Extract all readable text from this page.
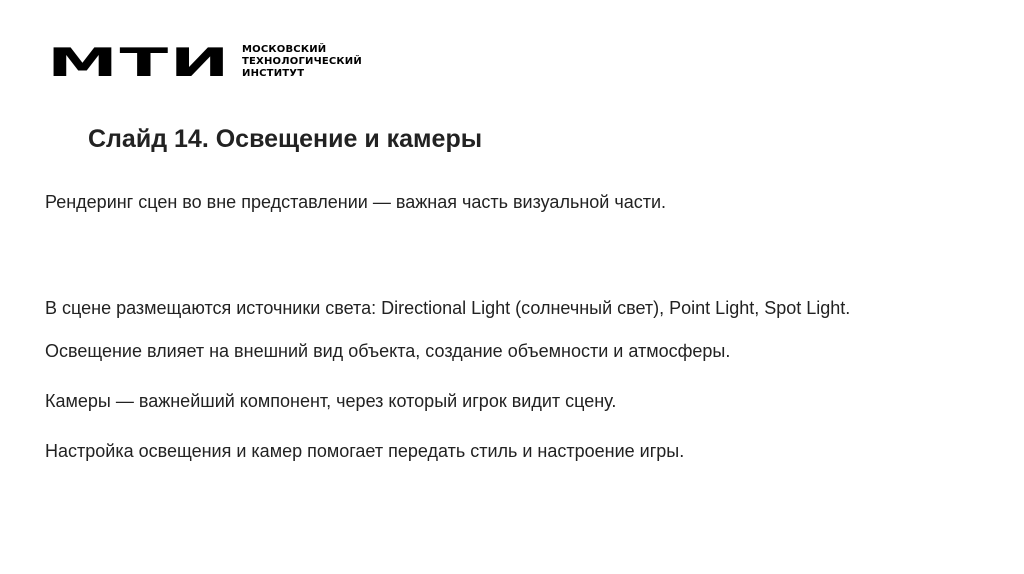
МТИ	МОСКОВСКИЙ
ТЕХНОЛОГИЧЕСКИЙ
ИНСТИТУТ
Слайд 14. Освещение и камеры

Рендеринг сцен во вне представлении — важная часть визуальной части.

В сцене размещаются источники света: Directional Light (солнечный свет), Point Light, Spot Light.

Освещение влияет на внешний вид объекта, создание объемности и атмосферы.

Камеры — важнейший компонент, через который игрок видит сцену.

Настройка освещения и камер помогает передать стиль и настроение игры.
